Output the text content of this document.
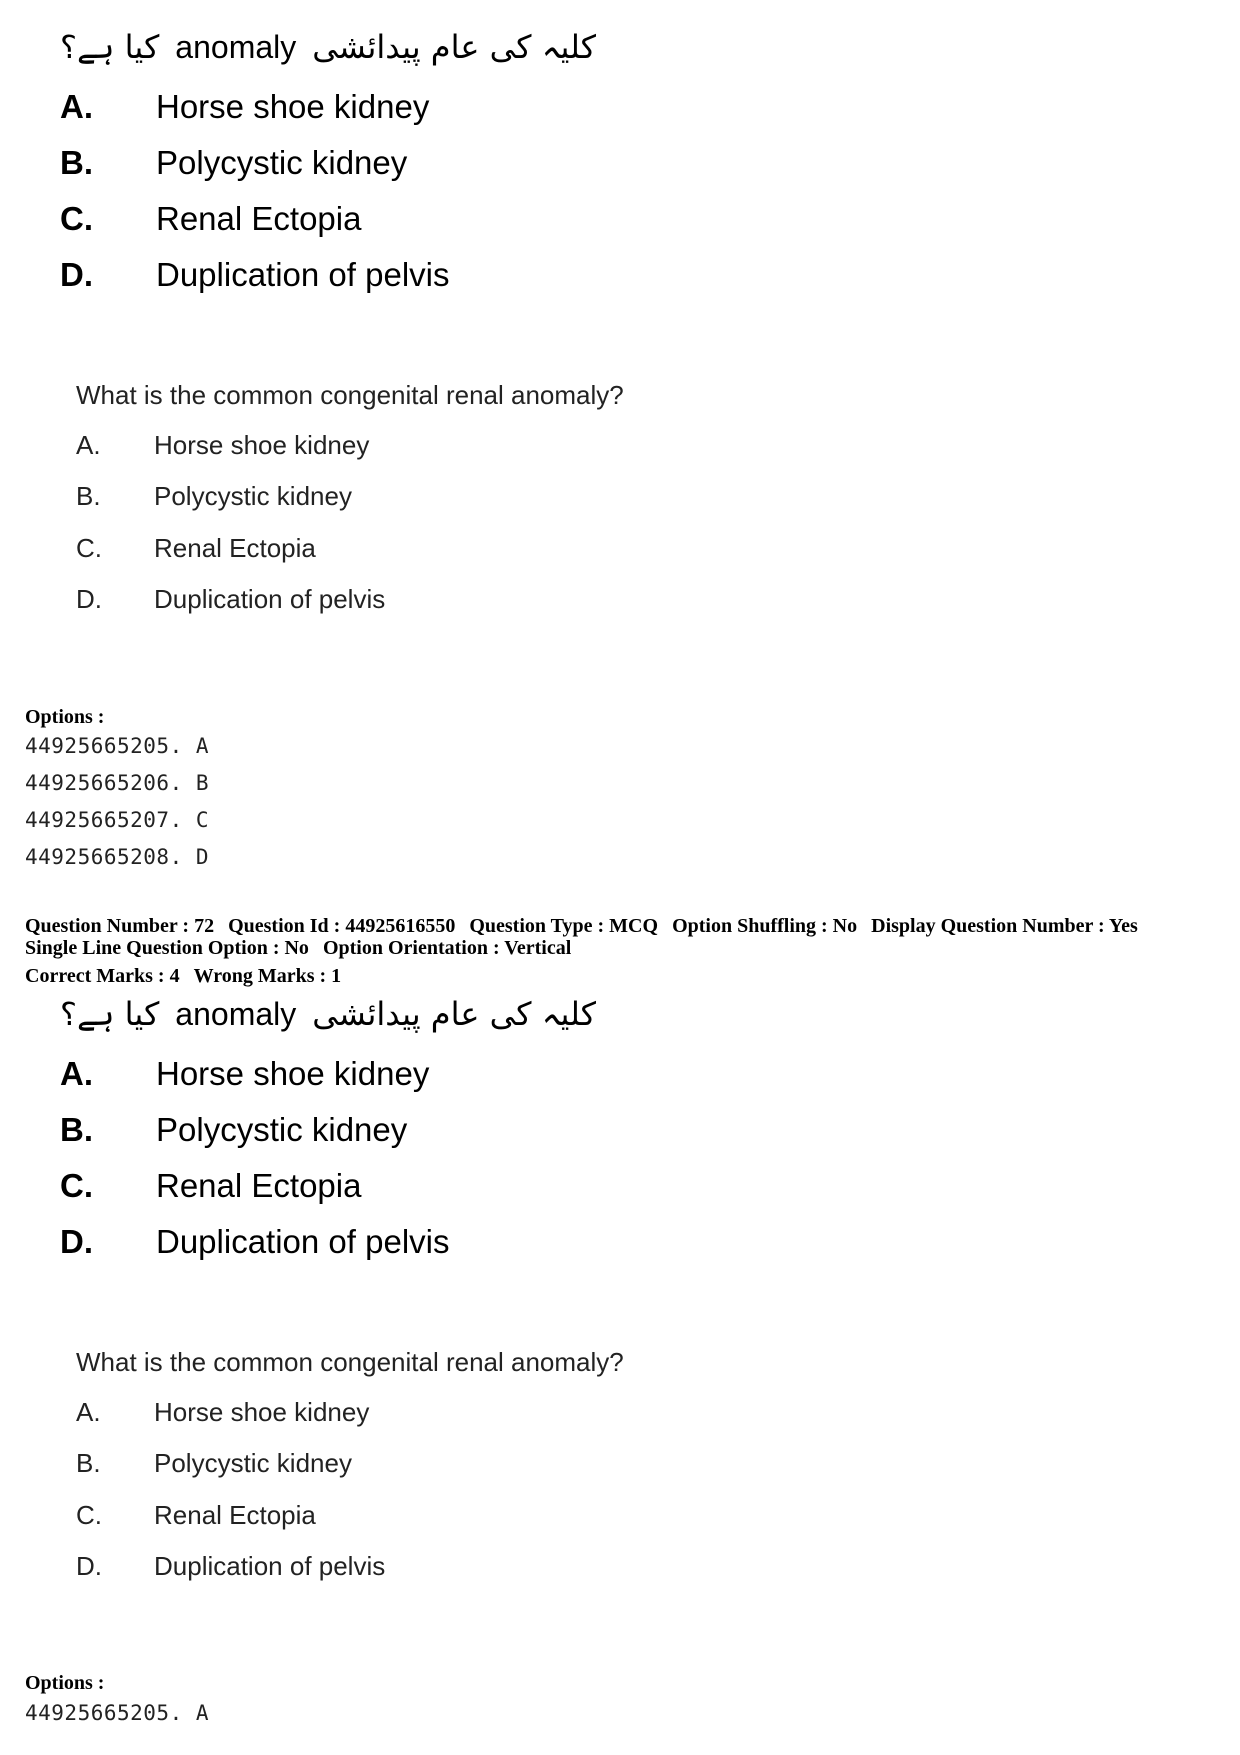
کیا ہے؟ anomaly کلیہ کی عام پیدائشی
A. Horse shoe kidney
B. Polycystic kidney
C. Renal Ectopia
D. Duplication of pelvis
What is the common congenital renal anomaly?
A. Horse shoe kidney
B. Polycystic kidney
C. Renal Ectopia
D. Duplication of pelvis
Options :
44925665205. A
44925665206. B
44925665207. C
44925665208. D
Question Number : 72 Question Id : 44925616550 Question Type : MCQ Option Shuffling : No Display Question Number : Yes
Single Line Question Option : No Option Orientation : Vertical
Correct Marks : 4 Wrong Marks : 1
کیا ہے؟ anomaly کلیہ کی عام پیدائشی
A. Horse shoe kidney
B. Polycystic kidney
C. Renal Ectopia
D. Duplication of pelvis
What is the common congenital renal anomaly?
A. Horse shoe kidney
B. Polycystic kidney
C. Renal Ectopia
D. Duplication of pelvis
Options :
44925665205. A
